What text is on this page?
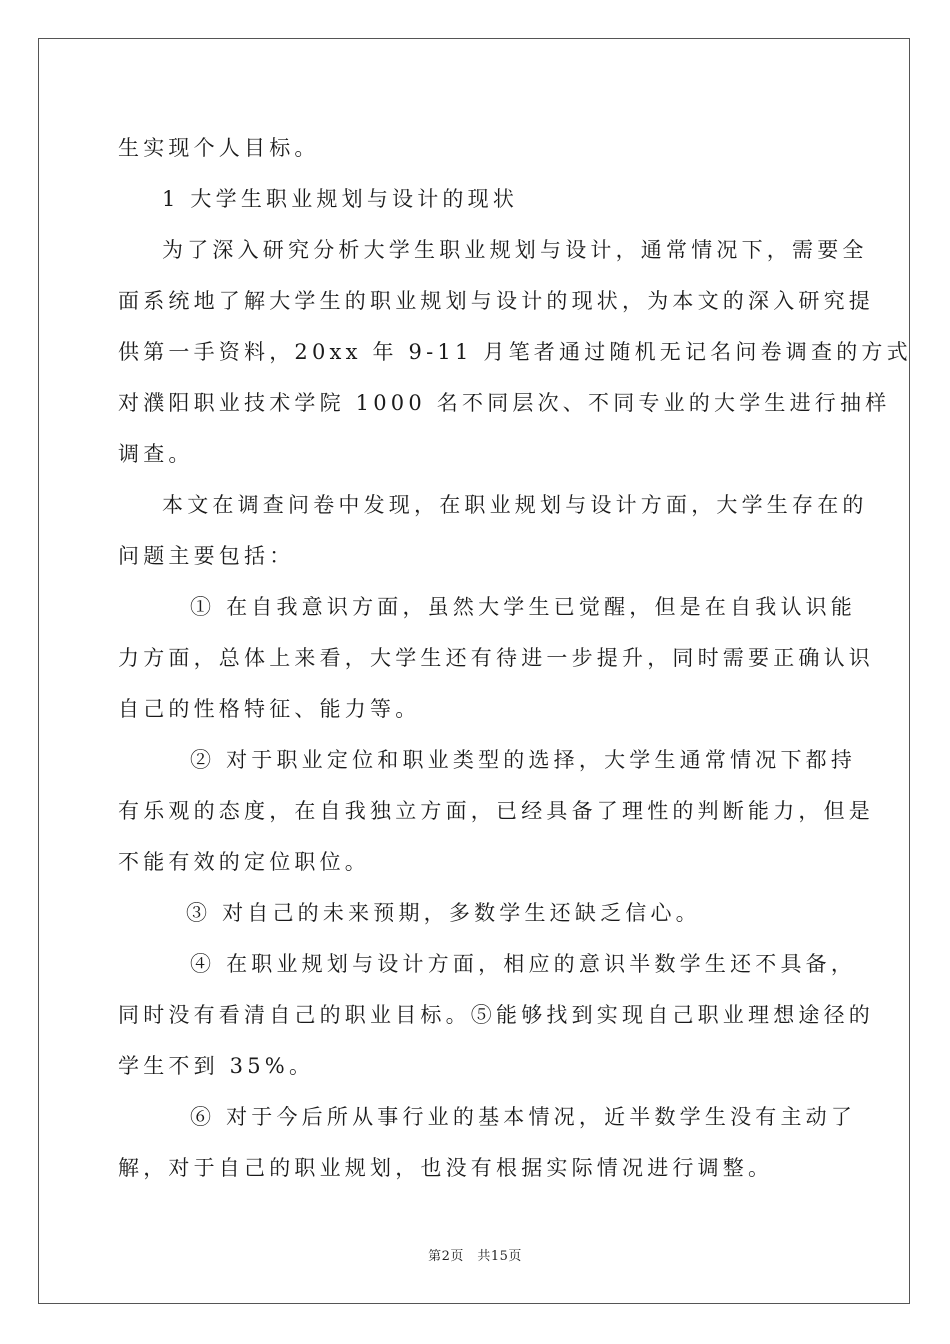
生实现个人目标。
1 大学生职业规划与设计的现状
为了深入研究分析大学生职业规划与设计，通常情况下，需要全
面系统地了解大学生的职业规划与设计的现状，为本文的深入研究提
供第一手资料，20xx 年 9-11 月笔者通过随机无记名问卷调查的方式
对濮阳职业技术学院 1000 名不同层次、不同专业的大学生进行抽样
调查。
本文在调查问卷中发现，在职业规划与设计方面，大学生存在的
问题主要包括：
① 在自我意识方面，虽然大学生已觉醒，但是在自我认识能
力方面，总体上来看，大学生还有待进一步提升，同时需要正确认识
自己的性格特征、能力等。
② 对于职业定位和职业类型的选择，大学生通常情况下都持
有乐观的态度，在自我独立方面，已经具备了理性的判断能力，但是
不能有效的定位职位。
③ 对自己的未来预期，多数学生还缺乏信心。
④ 在职业规划与设计方面，相应的意识半数学生还不具备，
同时没有看清自己的职业目标。⑤能够找到实现自己职业理想途径的
学生不到 35%。
⑥ 对于今后所从事行业的基本情况，近半数学生没有主动了
解，对于自己的职业规划，也没有根据实际情况进行调整。
第2页　共15页
